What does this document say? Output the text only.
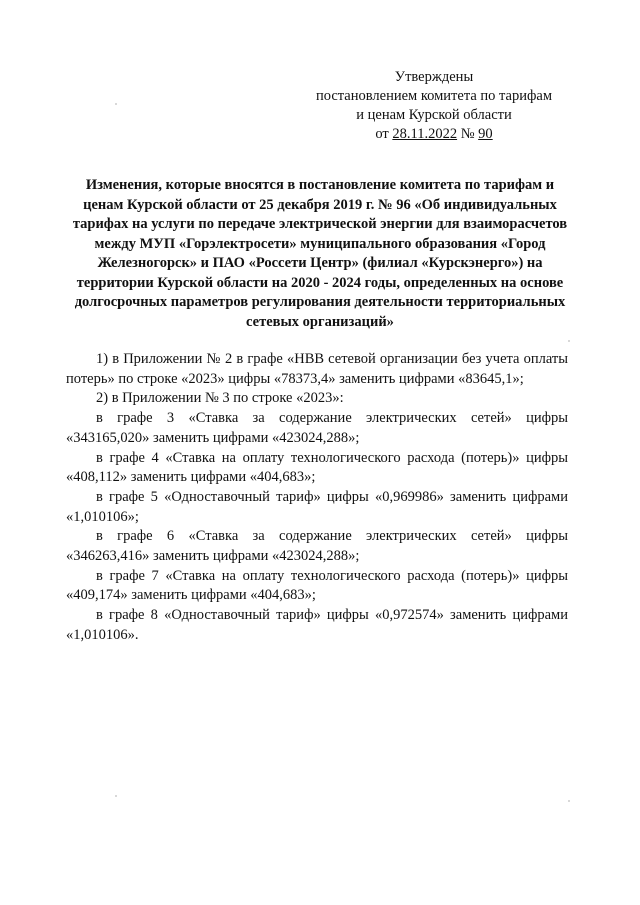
Утверждены
постановлением комитета по тарифам
и ценам Курской области
от 28.11.2022 № 90
Изменения, которые вносятся в постановление комитета по тарифам и ценам Курской области от 25 декабря 2019 г. № 96 «Об индивидуальных тарифах на услуги по передаче электрической энергии для взаиморасчетов между МУП «Горэлектросети» муниципального образования «Город Железногорск» и ПАО «Россети Центр» (филиал «Курскэнерго») на территории Курской области на 2020 - 2024 годы, определенных на основе долгосрочных параметров регулирования деятельности территориальных сетевых организаций»

1) в Приложении № 2 в графе «НВВ сетевой организации без учета оплаты потерь» по строке «2023» цифры «78373,4» заменить цифрами «83645,1»;

2) в Приложении № 3 по строке «2023»:

в графе 3 «Ставка за содержание электрических сетей» цифры «343165,020» заменить цифрами «423024,288»;

в графе 4 «Ставка на оплату технологического расхода (потерь)» цифры «408,112» заменить цифрами «404,683»;

в графе 5 «Одноставочный тариф» цифры «0,969986» заменить цифрами «1,010106»;

в графе 6 «Ставка за содержание электрических сетей» цифры «346263,416» заменить цифрами «423024,288»;

в графе 7 «Ставка на оплату технологического расхода (потерь)» цифры «409,174» заменить цифрами «404,683»;

в графе 8 «Одноставочный тариф» цифры «0,972574» заменить цифрами «1,010106».
